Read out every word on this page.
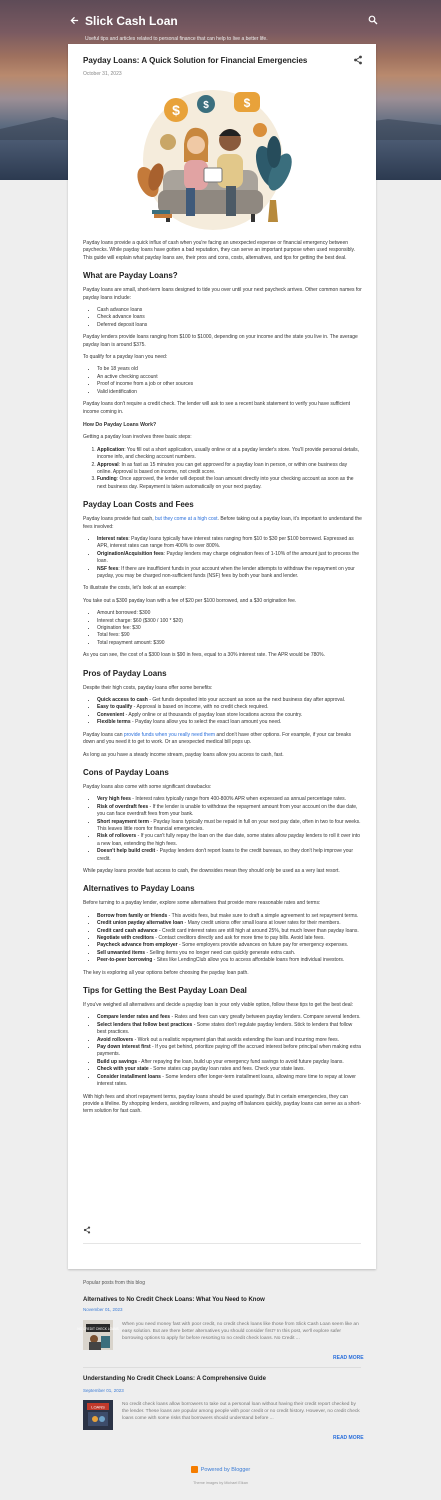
Slick Cash Loan
Useful tips and articles related to personal finance that can help to live a better life.
Payday Loans: A Quick Solution for Financial Emergencies
October 31, 2023
$ $	$

Payday loans provide a quick influx of cash when you're facing an unexpected expense or financial emergency between paychecks. While payday loans have gotten a bad reputation, they can serve an important purpose when used responsibly. This guide will explain what payday loans are, their pros and cons, costs, alternatives, and tips for getting the best deal.

What are Payday Loans?

Payday loans are small, short-term loans designed to tide you over until your next paycheck arrives. Other common names for payday loans include:

• Cash advance loans
• Check advance loans
• Deferred deposit loans

Payday lenders provide loans ranging from $100 to $1000, depending on your income and the state you live in. The average payday loan is around $375.

To qualify for a payday loan you need:

• To be 18 years old
• An active checking account
• Proof of income from a job or other sources
• Valid identification

Payday loans don't require a credit check. The lender will ask to see a recent bank statement to verify you have sufficient income coming in.

How Do Payday Loans Work?

Getting a payday loan involves three basic steps:

1. Application: You fill out a short application, usually online or at a payday lender's store. You'll provide personal details, income info, and checking account numbers.
2. Approval: In as fast as 15 minutes you can get approved for a payday loan in person, or within one business day online. Approval is based on income, not credit score.
3. Funding: Once approved, the lender will deposit the loan amount directly into your checking account as soon as the next business day. Repayment is taken automatically on your next payday.
Payday Loan Costs and Fees

Payday loans provide fast cash, but they come at a high cost. Before taking out a payday loan, it's important to understand the fees involved:

• Interest rates: Payday loans typically have interest rates ranging from $10 to $30 per $100 borrowed. Expressed as APR, interest rates can range from 400% to over 800%.
• Origination/Acquisition fees: Payday lenders may charge origination fees of 1-10% of the amount just to process the loan.
• NSF fees: If there are insufficient funds in your account when the lender attempts to withdraw the repayment on your payday, you may be charged non-sufficient funds (NSF) fees by both your bank and lender.

To illustrate the costs, let's look at an example:

You take out a $300 payday loan with a fee of $20 per $100 borrowed, and a $30 origination fee.

• Amount borrowed: $300
• Interest charge: $60 ($300 / 100 * $20)
• Origination fee: $30
• Total fees: $90
• Total repayment amount: $390

As you can see, the cost of a $300 loan is $90 in fees, equal to a 30% interest rate. The APR would be 780%.

Pros of Payday Loans

Despite their high costs, payday loans offer some benefits:

• Quick access to cash - Get funds deposited into your account as soon as the next business day after approval.
• Easy to qualify - Approval is based on income, with no credit check required.
• Convenient - Apply online or at thousands of payday loan store locations across the country.
• Flexible terms - Payday loans allow you to select the exact loan amount you need.

Payday loans can provide funds when you really need them and don't have other options. For example, if your car breaks down and you need it to get to work. Or an unexpected medical bill pops up.

As long as you have a steady income stream, payday loans allow you access to cash, fast.

Cons of Payday Loans

Payday loans also come with some significant drawbacks:

• Very high fees - Interest rates typically range from 400-800% APR when expressed as annual percentage rates.
• Risk of overdraft fees - If the lender is unable to withdraw the repayment amount from your account on the due date, you can face overdraft fees from your bank.
• Short repayment term - Payday loans typically must be repaid in full on your next pay date, often in two to four weeks. This leaves little room for financial emergencies.
• Risk of rollovers - If you can't fully repay the loan on the due date, some states allow payday lenders to roll it over into a new loan, extending the high fees.
• Doesn't help build credit - Payday lenders don't report loans to the credit bureaus, so they don't help improve your credit.

While payday loans provide fast access to cash, the downsides mean they should only be used as a very last resort.

Alternatives to Payday Loans

Before turning to a payday lender, explore some alternatives that provide more reasonable rates and terms:

• Borrow from family or friends - This avoids fees, but make sure to draft a simple agreement to set repayment terms.
• Credit union payday alternative loan - Many credit unions offer small loans at lower rates for their members.
• Credit card cash advance - Credit card interest rates are still high at around 25%, but much lower than payday loans.
• Negotiate with creditors - Contact creditors directly and ask for more time to pay bills. Avoid late fees.
• Paycheck advance from employer - Some employers provide advances on future pay for emergency expenses.
• Sell unwanted items - Selling items you no longer need can quickly generate extra cash.
• Peer-to-peer borrowing - Sites like LendingClub allow you to access affordable loans from individual investors.

The key is exploring all your options before choosing the payday loan path.

Tips for Getting the Best Payday Loan Deal

If you've weighed all alternatives and decide a payday loan is your only viable option, follow these tips to get the best deal:

• Compare lender rates and fees - Rates and fees can vary greatly between payday lenders. Compare several lenders.
• Select lenders that follow best practices - Some states don't regulate payday lenders. Stick to lenders that follow best practices.
• Avoid rollovers - Work out a realistic repayment plan that avoids extending the loan and incurring more fees.
• Pay down interest first - If you get behind, prioritize paying off the accrued interest before principal when making extra payments.
• Build up savings - After repaying the loan, build up your emergency fund savings to avoid future payday loans.
• Check with your state - Some states cap payday loan rates and fees. Check your state laws.
• Consider installment loans - Some lenders offer longer-term installment loans, allowing more time to repay at lower interest rates.

With high fees and short repayment terms, payday loans should be used sparingly. But in certain emergencies, they can provide a lifeline. By shopping lenders, avoiding rollovers, and paying off balances quickly, payday loans can serve as a short-term solution for fast cash.

Popular posts from this blog
Alternatives to No Credit Check Loans: What You Need to Know
November 01, 2023
NO CREDIT CHECK LOANS
When you need money fast with poor credit, no credit check loans like those from Slick Cash Loan seem like an easy solution. But are there better alternatives you should consider first? In this post, we'll explore safer borrowing options to apply for before resorting to no credit check loans. No Credit ...
READ MORE
Understanding No Credit Check Loans: A Comprehensive Guide
September 01, 2023
LOANS	No credit check loans allow borrowers to take out a personal loan without having their credit report checked by the lender. These loans are popular among people with poor credit or no credit history. However, no credit check loans come with some risks that borrowers should understand before ...
READ MORE
Powered by Blogger
Theme images by Michael Elkan
